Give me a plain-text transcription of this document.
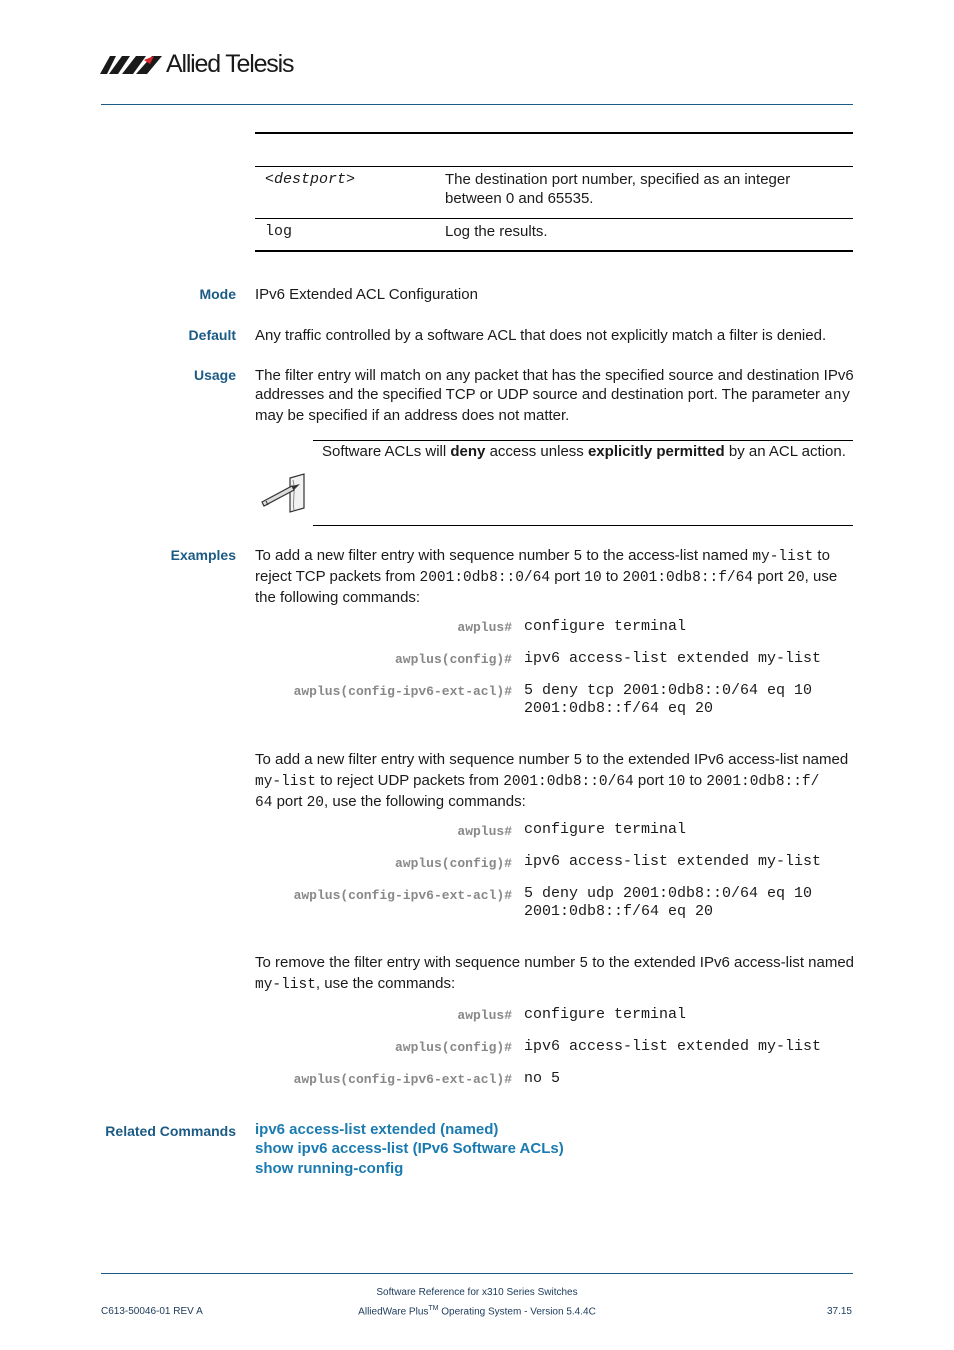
Allied Telesis
<destport>	The destination port number, specified as an integer between 0 and 65535.
log	Log the results.
Mode IPv6 Extended ACL Configuration
Default Any traffic controlled by a software ACL that does not explicitly match a filter is denied.
Usage The filter entry will match on any packet that has the specified source and destination IPv6 addresses and the specified TCP or UDP source and destination port. The parameter any may be specified if an address does not matter.
Software ACLs will deny access unless explicitly permitted by an ACL action.
Examples To add a new filter entry with sequence number 5 to the access-list named my-list to reject TCP packets from 2001:0db8::0/64 port 10 to 2001:0db8::f/64 port 20, use the following commands:
awplus# configure terminal
awplus(config)# ipv6 access-list extended my-list
awplus(config-ipv6-ext-acl)# 5 deny tcp 2001:0db8::0/64 eq 10
2001:0db8::f/64 eq 20
To add a new filter entry with sequence number 5 to the extended IPv6 access-list named my-list to reject UDP packets from 2001:0db8::0/64 port 10 to 2001:0db8::f/
64 port 20, use the following commands:
awplus# configure terminal
awplus(config)# ipv6 access-list extended my-list
awplus(config-ipv6-ext-acl)# 5 deny udp 2001:0db8::0/64 eq 10
2001:0db8::f/64 eq 20
To remove the filter entry with sequence number 5 to the extended IPv6 access-list named my-list, use the commands:
awplus# configure terminal
awplus(config)# ipv6 access-list extended my-list
awplus(config-ipv6-ext-acl)# no 5
Related Commands ipv6 access-list extended (named)
show ipv6 access-list (IPv6 Software ACLs)
show running-config
C613-50046-01 REV A
Software Reference for x310 Series Switches
AlliedWare Plus™ Operating System - Version 5.4.4C	37.15
